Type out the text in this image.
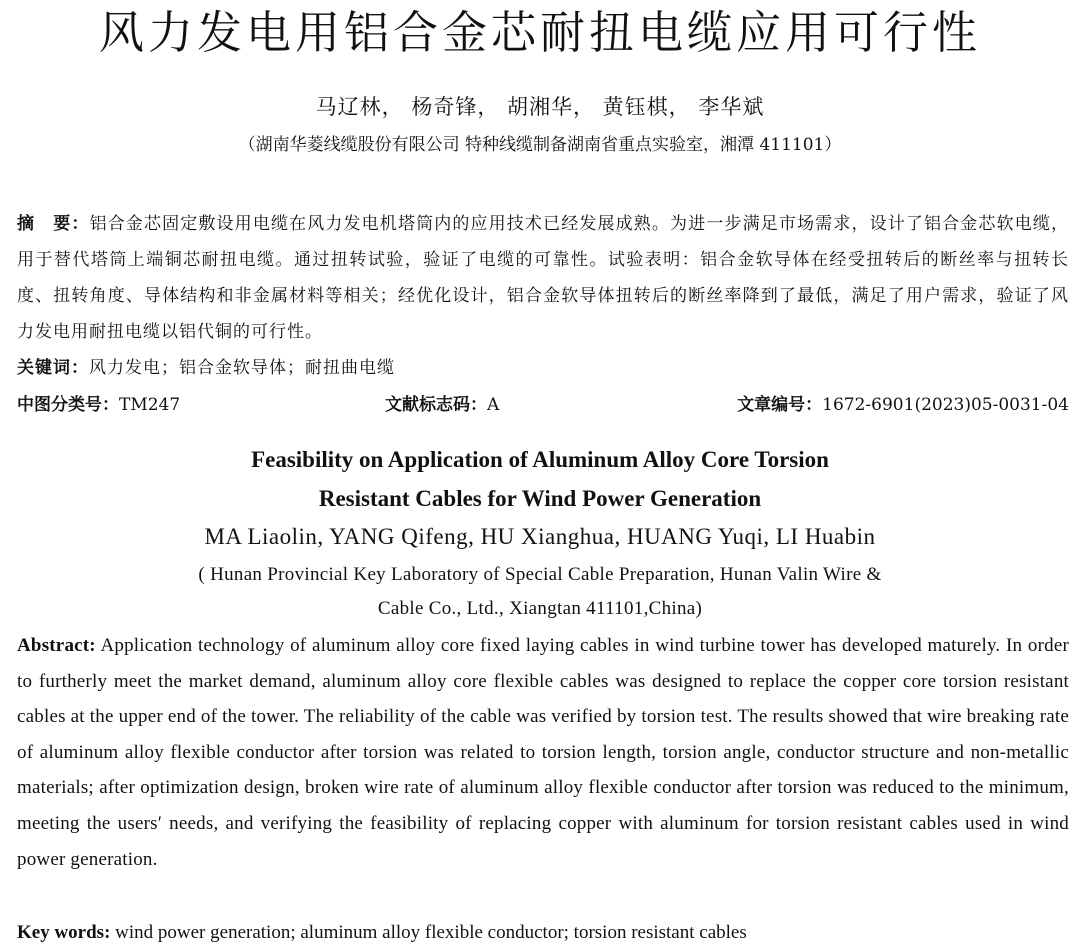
风力发电用铝合金芯耐扭电缆应用可行性
马辽林， 杨奇锋， 胡湘华， 黄钰棋， 李华斌
（湖南华菱线缆股份有限公司 特种线缆制备湖南省重点实验室，湘潭 411101）
摘　要：铝合金芯固定敷设用电缆在风力发电机塔筒内的应用技术已经发展成熟。为进一步满足市场需求，设计了铝合金芯软电缆，用于替代塔筒上端铜芯耐扭电缆。通过扭转试验，验证了电缆的可靠性。试验表明：铝合金软导体在经受扭转后的断丝率与扭转长度、扭转角度、导体结构和非金属材料等相关；经优化设计，铝合金软导体扭转后的断丝率降到了最低，满足了用户需求，验证了风力发电用耐扭电缆以铝代铜的可行性。
关键词：风力发电；铝合金软导体；耐扭曲电缆
中图分类号：TM247	文献标志码：A	文章编号：1672-6901(2023)05-0031-04
Feasibility on Application of Aluminum Alloy Core Torsion
Resistant Cables for Wind Power Generation
MA Liaolin, YANG Qifeng, HU Xianghua, HUANG Yuqi, LI Huabin
( Hunan Provincial Key Laboratory of Special Cable Preparation, Hunan Valin Wire &
Cable Co., Ltd., Xiangtan 411101,China)
Abstract: Application technology of aluminum alloy core fixed laying cables in wind turbine tower has developed maturely. In order to furtherly meet the market demand, aluminum alloy core flexible cables was designed to replace the copper core torsion resistant cables at the upper end of the tower. The reliability of the cable was verified by torsion test. The results showed that wire breaking rate of aluminum alloy flexible conductor after torsion was related to torsion length, torsion angle, conductor structure and non-metallic materials; after optimization design, broken wire rate of aluminum alloy flexible conductor after torsion was reduced to the minimum, meeting the users′ needs, and verifying the feasibility of replacing copper with aluminum for torsion resistant cables used in wind power generation.
Key words: wind power generation; aluminum alloy flexible conductor; torsion resistant cables
